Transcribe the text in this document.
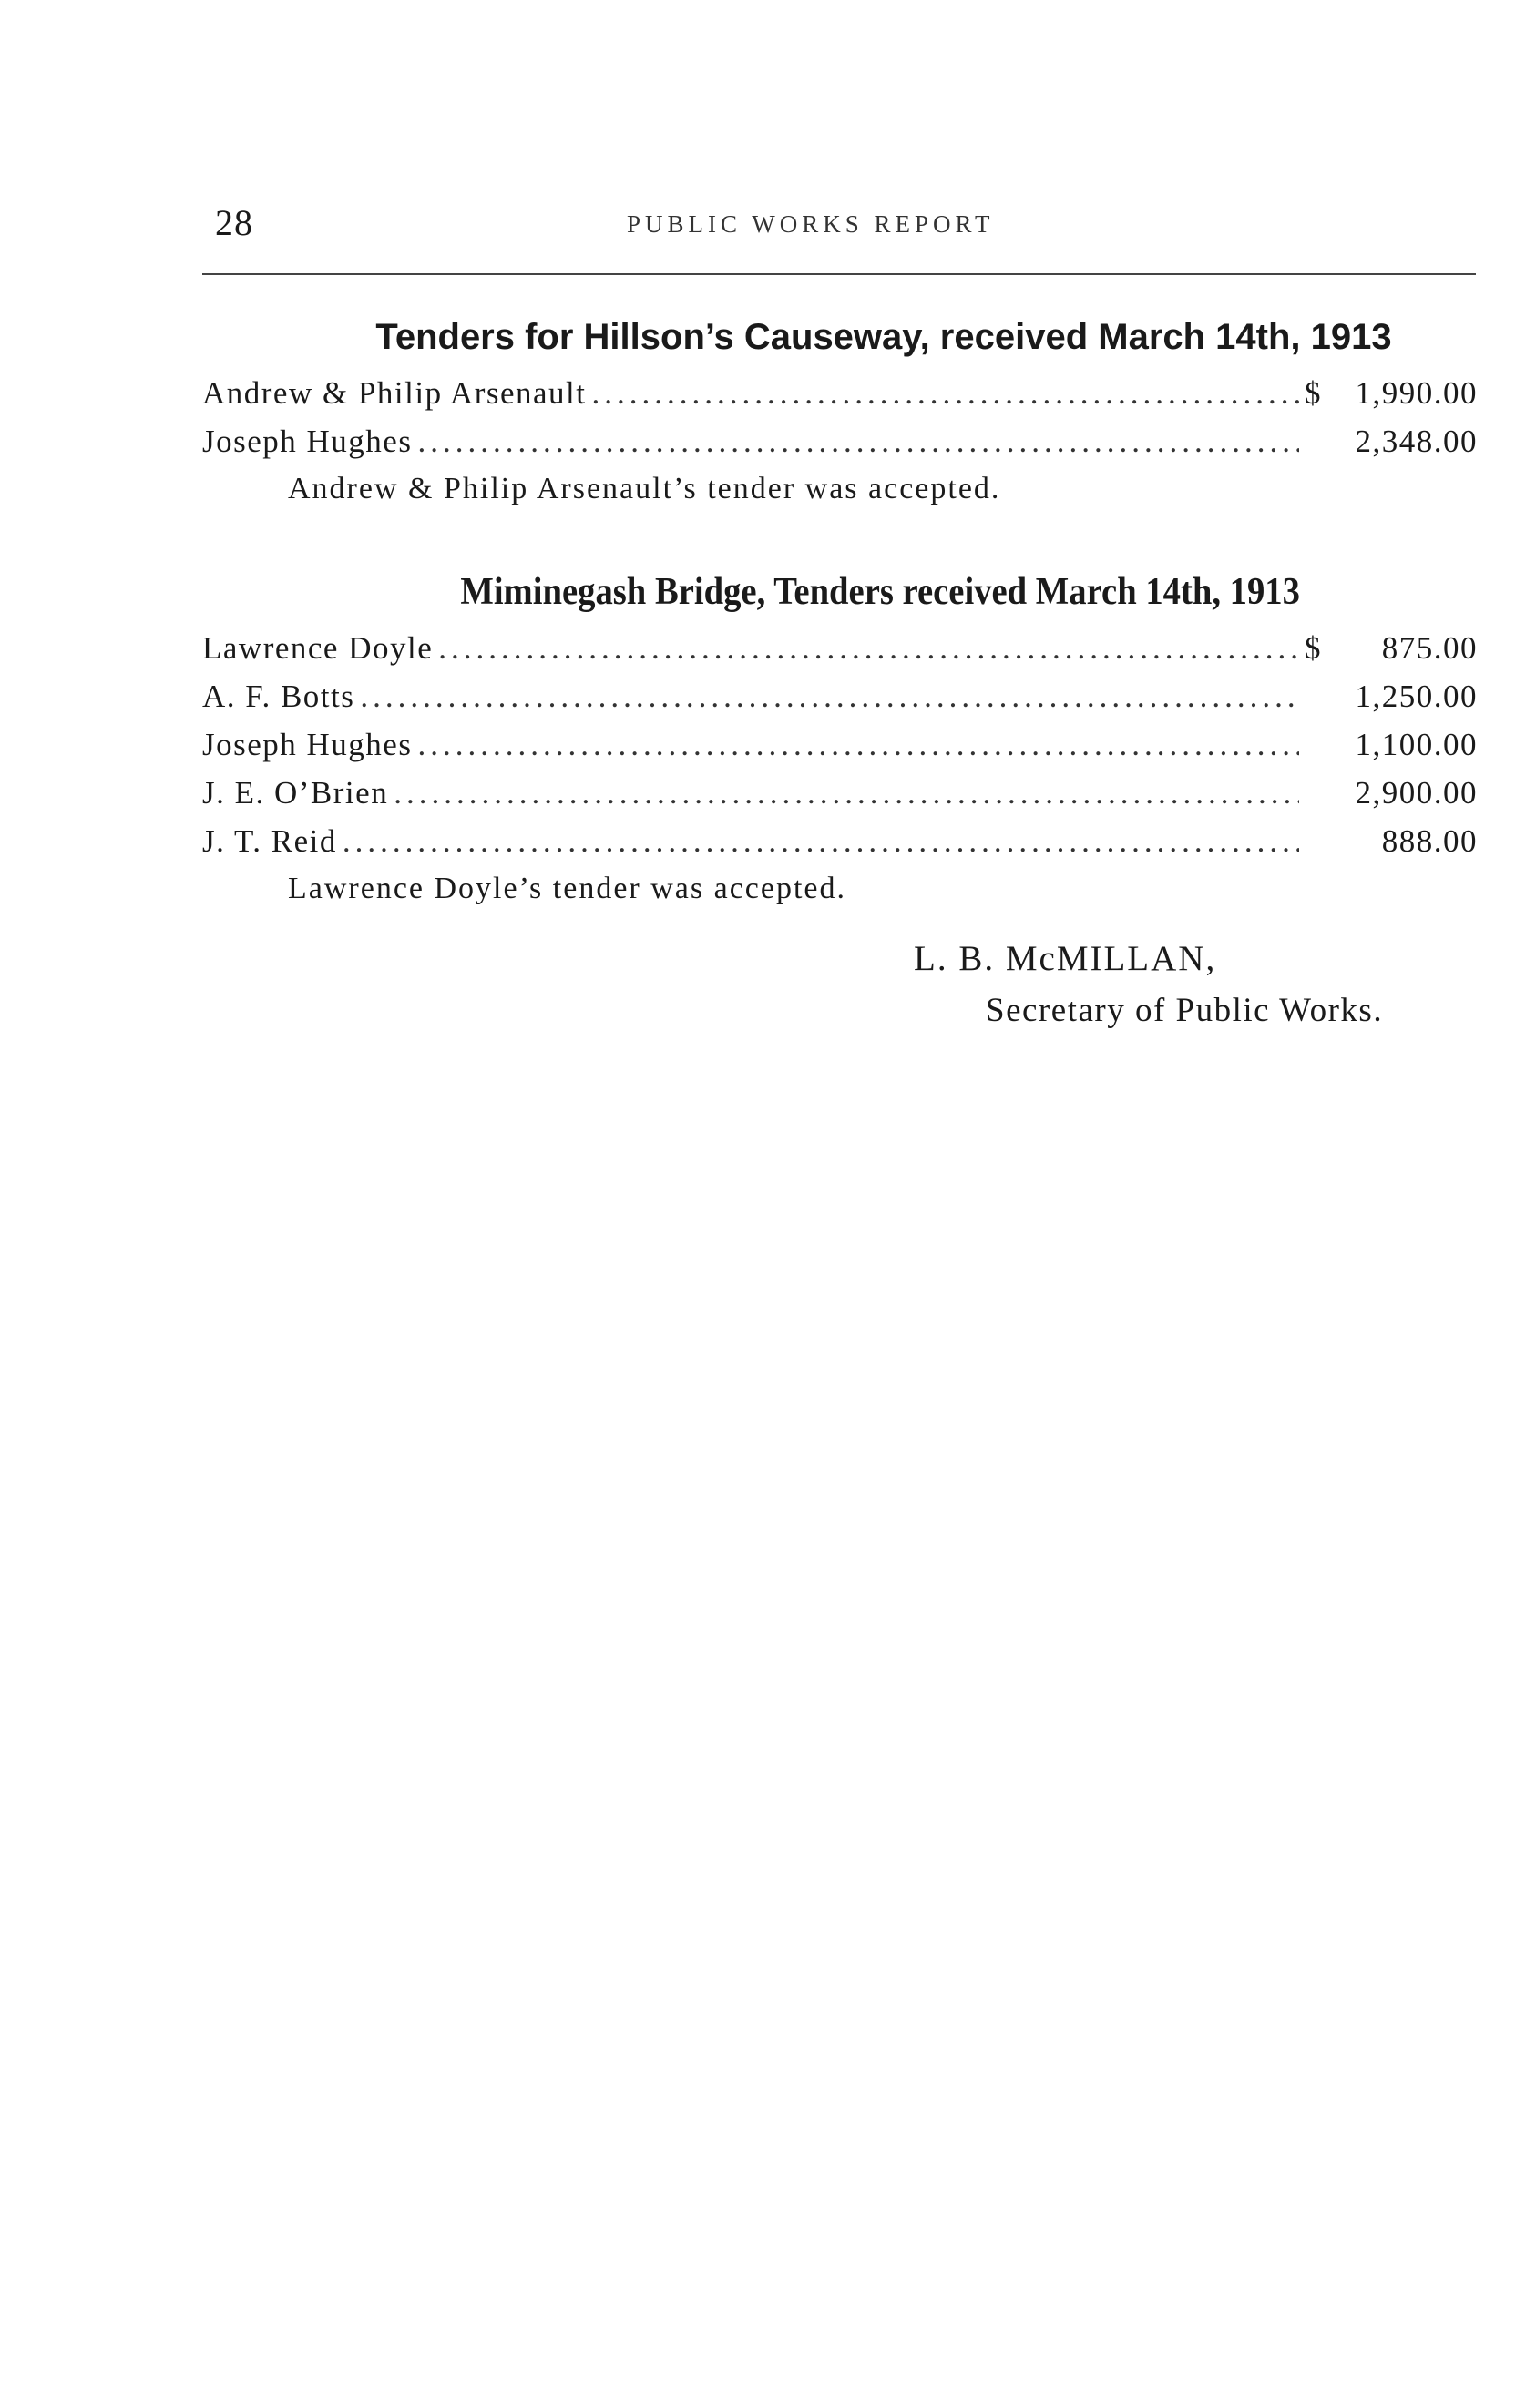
28	PUBLIC WORKS REPORT
Tenders for Hillson’s Causeway, received March 14th, 1913
Andrew & Philip Arsenault .....	$	1,990.00
Joseph Hughes .....	2,348.00
Andrew & Philip Arsenault’s tender was accepted.
Miminegash Bridge, Tenders received March 14th, 1913
Lawrence Doyle .....	$	875.00
A. F. Botts .....	1,250.00
Joseph Hughes .....	1,100.00
J. E. O’Brien .....	2,900.00
J. T. Reid .....	888.00
Lawrence Doyle’s tender was accepted.
L. B. McMILLAN,
Secretary of Public Works.
